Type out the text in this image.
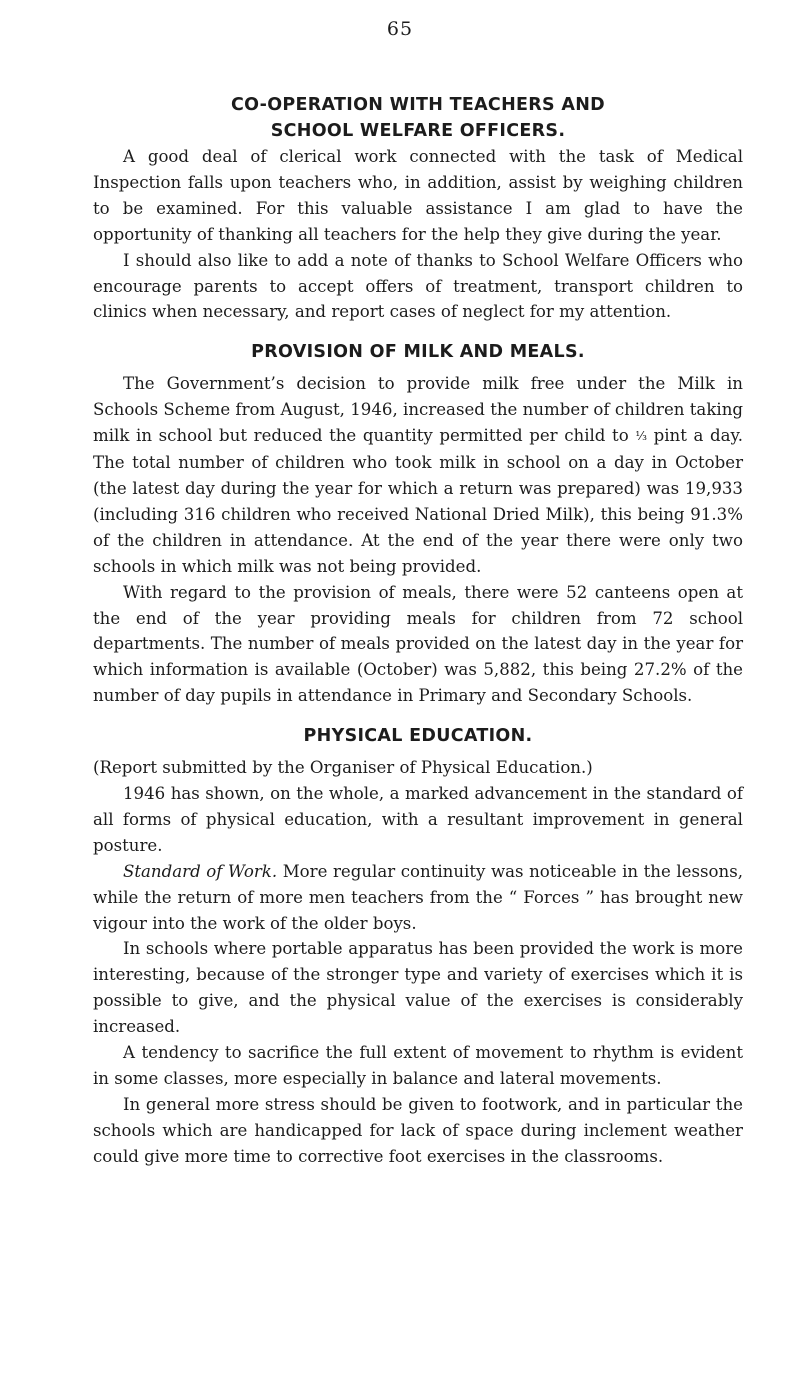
65
CO-OPERATION WITH TEACHERS AND
SCHOOL WELFARE OFFICERS.

A good deal of clerical work connected with the task of Medical Inspection falls upon teachers who, in addition, assist by weighing children to be examined. For this valuable assistance I am glad to have the opportunity of thanking all teachers for the help they give during the year.

I should also like to add a note of thanks to School Welfare Officers who encourage parents to accept offers of treatment, transport children to clinics when necessary, and report cases of neglect for my attention.

PROVISION OF MILK AND MEALS.

The Government’s decision to provide milk free under the Milk in Schools Scheme from August, 1946, increased the number of children taking milk in school but reduced the quantity permitted per child to ⅓ pint a day. The total number of children who took milk in school on a day in October (the latest day during the year for which a return was prepared) was 19,933 (including 316 children who received National Dried Milk), this being 91.3% of the children in attendance. At the end of the year there were only two schools in which milk was not being provided.

With regard to the provision of meals, there were 52 canteens open at the end of the year providing meals for children from 72 school departments. The number of meals provided on the latest day in the year for which information is available (October) was 5,882, this being 27.2% of the number of day pupils in attendance in Primary and Secondary Schools.

PHYSICAL EDUCATION.

(Report submitted by the Organiser of Physical Education.)

1946 has shown, on the whole, a marked advancement in the standard of all forms of physical education, with a resultant improvement in general posture.

Standard of Work. More regular continuity was noticeable in the lessons, while the return of more men teachers from the “ Forces ” has brought new vigour into the work of the older boys.

In schools where portable apparatus has been provided the work is more interesting, because of the stronger type and variety of exercises which it is possible to give, and the physical value of the exercises is considerably increased.

A tendency to sacrifice the full extent of movement to rhythm is evident in some classes, more especially in balance and lateral movements.

In general more stress should be given to footwork, and in particular the schools which are handicapped for lack of space during inclement weather could give more time to corrective foot exercises in the classrooms.
